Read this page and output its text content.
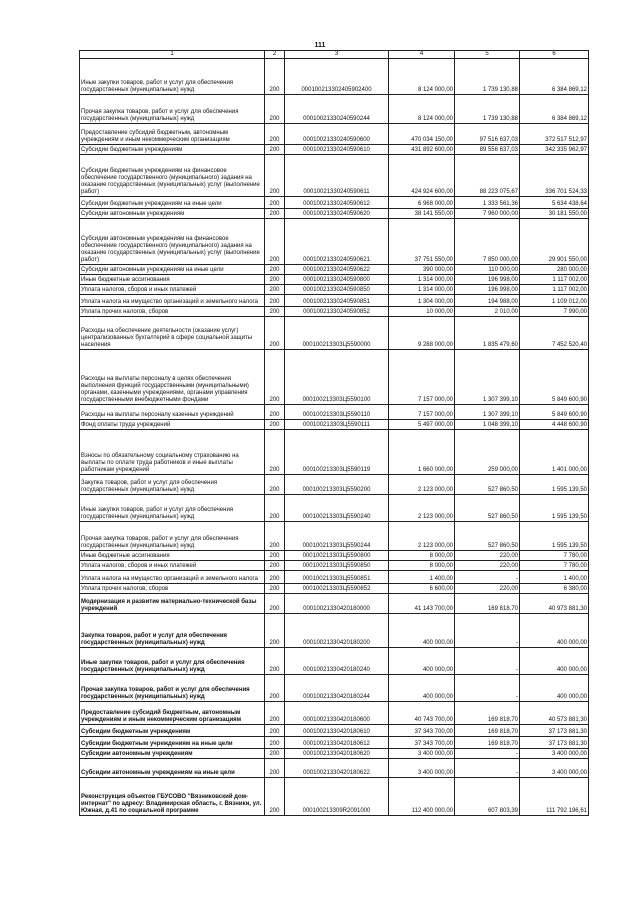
111
1	2	3	4	5	6
Иные закупки товаров, работ и услуг для обеспечения государственных (муниципальных) нужд	200	000100213302405902400	8 124 000,00	1 739 130,88	6 384 869,12
Прочая закупка товаров, работ и услуг для обеспечения государственных (муниципальных) нужд	200	00010021330240590244	8 124 000,00	1 739 130,88	6 384 869,12
Предоставление субсидий бюджетным, автономным учреждениям и иным некоммерческим организациям	200	00010021330240590600	470 034 150,00	97 516 637,03	372 517 512,97
Субсидии бюджетным учреждениям	200	00010021330240590610	431 892 600,00	89 556 637,03	342 335 962,97
Субсидии бюджетным учреждениям на финансовое обеспечение государственного (муниципального) задания на оказание государственных (муниципальных) услуг (выполнение работ)	200	00010021330240590611	424 924 600,00	88 223 075,67	336 701 524,33
Субсидии бюджетным учреждениям на иные цели	200	00010021330240590612	6 968 000,00	1 333 561,36	5 634 438,64
Субсидии автономным учреждениям	200	00010021330240590620	38 141 550,00	7 960 000,00	30 181 550,00
Субсидии автономным учреждениям на финансовое обеспечение государственного (муниципального) задания на оказание государственных (муниципальных) услуг (выполнение работ)	200	00010021330240590621	37 751 550,00	7 850 000,00	29 901 550,00
Субсидии автономным учреждениям на иные цели	200	00010021330240590622	390 000,00	110 000,00	280 000,00
Иные бюджетные ассигнования	200	00010021330240590800	1 314 000,00	196 998,00	1 117 002,00
Уплата налогов, сборов и иных платежей	200	00010021330240590850	1 314 000,00	196 998,00	1 117 002,00
Уплата налога на имущество организаций и земельного налога	200	00010021330240590851	1 304 000,00	194 988,00	1 109 012,00
Уплата прочих налогов, сборов	200	00010021330240590852	10 000,00	2 010,00	7 990,00
Расходы на обеспечение деятельности (оказание услуг) централизованных бухгалтерий в сфере социальной защиты населения	200	000100213303Ц5590000	9 288 000,00	1 835 479,60	7 452 520,40
Расходы на выплаты персоналу в целях обеспечения выполнения функций государственными (муниципальными) органами, казенными учреждениями, органами управления государственными внебюджетными фондами	200	000100213303Ц5590100	7 157 000,00	1 307 399,10	5 849 600,90
Расходы на выплаты персоналу казенных учреждений	200	000100213303Ц5590110	7 157 000,00	1 307 399,10	5 849 600,90
Фонд оплаты труда учреждений	200	000100213303Ц5590111	5 497 000,00	1 048 399,10	4 448 600,90
Взносы по обязательному социальному страхованию на выплаты по оплате труда работников и иные выплаты работникам учреждений	200	000100213303Ц5590119	1 660 000,00	259 000,00	1 401 000,00
Закупка товаров, работ и услуг для обеспечения государственных (муниципальных) нужд	200	000100213303Ц5590200	2 123 000,00	527 860,50	1 595 139,50
Иные закупки товаров, работ и услуг для обеспечения государственных (муниципальных) нужд	200	000100213303Ц5590240	2 123 000,00	527 860,50	1 595 139,50
Прочая закупка товаров, работ и услуг для обеспечения государственных (муниципальных) нужд	200	000100213303Ц5590244	2 123 000,00	527 860,50	1 595 139,50
Иные бюджетные ассигнования	200	000100213303Ц5590800	8 000,00	220,00	7 780,00
Уплата налогов, сборов и иных платежей	200	000100213303Ц5590850	8 000,00	220,00	7 780,00
Уплата налога на имущество организаций и земельного налога	200	000100213303Ц5590851	1 400,00	-	1 400,00
Уплата прочих налогов, сборов	200	000100213303Ц5590852	6 600,00	220,00	6 380,00
Модернизация и развитие материально-технической базы учреждений	200	00010021330420180000	41 143 700,00	169 818,70	40 973 881,30
Закупка товаров, работ и услуг для обеспечения государственных (муниципальных) нужд	200	00010021330420180200	400 000,00	-	400 000,00
Иные закупки товаров, работ и услуг для обеспечения государственных (муниципальных) нужд	200	00010021330420180240	400 000,00	-	400 000,00
Прочая закупка товаров, работ и услуг для обеспечения государственных (муниципальных) нужд	200	00010021330420180244	400 000,00	-	400 000,00
Предоставление субсидий бюджетным, автономным учреждениям и иным некоммерческим организациям	200	00010021330420180600	40 743 700,00	169 818,70	40 573 881,30
Субсидии бюджетным учреждениям	200	00010021330420180610	37 343 700,00	169 818,70	37 173 881,30
Субсидии бюджетным учреждениям на иные цели	200	00010021330420180612	37 343 700,00	169 818,70	37 173 881,30
Субсидии автономным учреждениям	200	00010021330420180620	3 400 000,00	-	3 400 000,00
Субсидии автономным учреждениям на иные цели	200	00010021330420180622	3 400 000,00	-	3 400 000,00
Реконструкция объектов ГБУСОВО "Вязниковский дом-интернат" по адресу: Владимирская область, г. Вязники, ул. Южная, д.41 по социальной программе	200	000100213309R2091000	112 400 000,00	607 803,39	111 792 196,61
